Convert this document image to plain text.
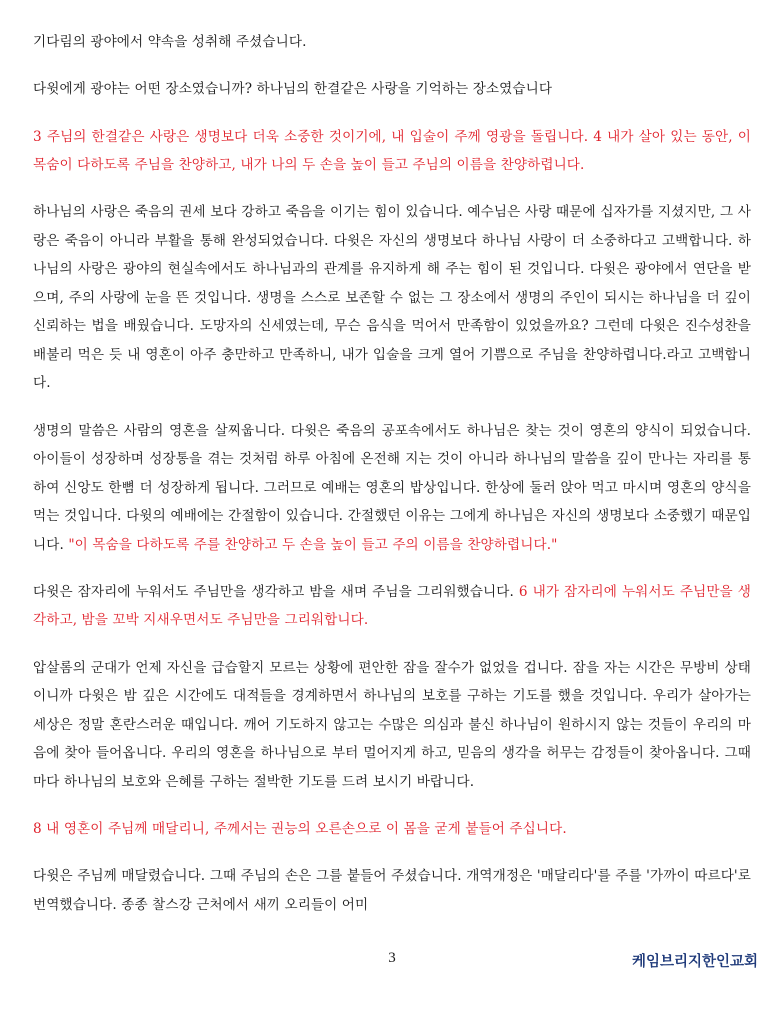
기다림의 광야에서 약속을 성취해 주셨습니다.

다윗에게 광야는 어떤 장소였습니까? 하나님의 한결같은 사랑을 기억하는 장소였습니다

3 주님의 한결같은 사랑은 생명보다 더욱 소중한 것이기에, 내 입술이 주께 영광을 돌립니다. 4 내가 살아 있는 동안, 이 목숨이 다하도록 주님을 찬양하고, 내가 나의 두 손을 높이 들고 주님의 이름을 찬양하렵니다.

하나님의 사랑은 죽음의 권세 보다 강하고 죽음을 이기는 힘이 있습니다. 예수님은 사랑 때문에 십자가를 지셨지만, 그 사랑은 죽음이 아니라 부활을 통해 완성되었습니다. 다윗은 자신의 생명보다 하나님 사랑이 더 소중하다고 고백합니다. 하나님의 사랑은 광야의 현실속에서도 하나님과의 관계를 유지하게 해 주는 힘이 된 것입니다. 다윗은 광야에서 연단을 받으며, 주의 사랑에 눈을 뜬 것입니다. 생명을 스스로 보존할 수 없는 그 장소에서 생명의 주인이 되시는 하나님을 더 깊이 신뢰하는 법을 배웠습니다. 도망자의 신세였는데, 무슨 음식을 먹어서 만족함이 있었을까요? 그런데 다윗은 진수성찬을 배불리 먹은 듯 내 영혼이 아주 충만하고 만족하니, 내가 입술을 크게 열어 기쁨으로 주님을 찬양하렵니다.라고 고백합니다.

생명의 말씀은 사람의 영혼을 살찌웁니다. 다윗은 죽음의 공포속에서도 하나님은 찾는 것이 영혼의 양식이 되었습니다. 아이들이 성장하며 성장통을 겪는 것처럼 하루 아침에 온전해 지는 것이 아니라 하나님의 말씀을 깊이 만나는 자리를 통하여 신앙도 한뼘 더 성장하게 됩니다. 그러므로 예배는 영혼의 밥상입니다. 한상에 둘러 앉아 먹고 마시며 영혼의 양식을 먹는 것입니다. 다윗의 예배에는 간절함이 있습니다. 간절했던 이유는 그에게 하나님은 자신의 생명보다 소중했기 때문입니다. "이 목숨을 다하도록 주를 찬양하고 두 손을 높이 들고 주의 이름을 찬양하렵니다."

다윗은 잠자리에 누워서도 주님만을 생각하고 밤을 새며 주님을 그리워했습니다. 6 내가 잠자리에 누워서도 주님만을 생각하고, 밤을 꼬박 지새우면서도 주님만을 그리워합니다.

압살롬의 군대가 언제 자신을 급습할지 모르는 상황에 편안한 잠을 잘수가 없었을 겁니다. 잠을 자는 시간은 무방비 상태이니까 다윗은 밤 깊은 시간에도 대적들을 경계하면서 하나님의 보호를 구하는 기도를 했을 것입니다. 우리가 살아가는 세상은 정말 혼란스러운 때입니다. 깨어 기도하지 않고는 수많은 의심과 불신 하나님이 원하시지 않는 것들이 우리의 마음에 찾아 들어옵니다. 우리의 영혼을 하나님으로 부터 멀어지게 하고, 믿음의 생각을 허무는 감정들이 찾아옵니다. 그때마다 하나님의 보호와 은혜를 구하는 절박한 기도를 드려 보시기 바랍니다.

8 내 영혼이 주님께 매달리니, 주께서는 권능의 오른손으로 이 몸을 굳게 붙들어 주십니다.

다윗은 주님께 매달렸습니다. 그때 주님의 손은 그를 붙들어 주셨습니다. 개역개정은 '매달리다'를 주를 '가까이 따르다'로 번역했습니다. 종종 찰스강 근처에서 새끼 오리들이 어미

3	케임브리지한인교회
